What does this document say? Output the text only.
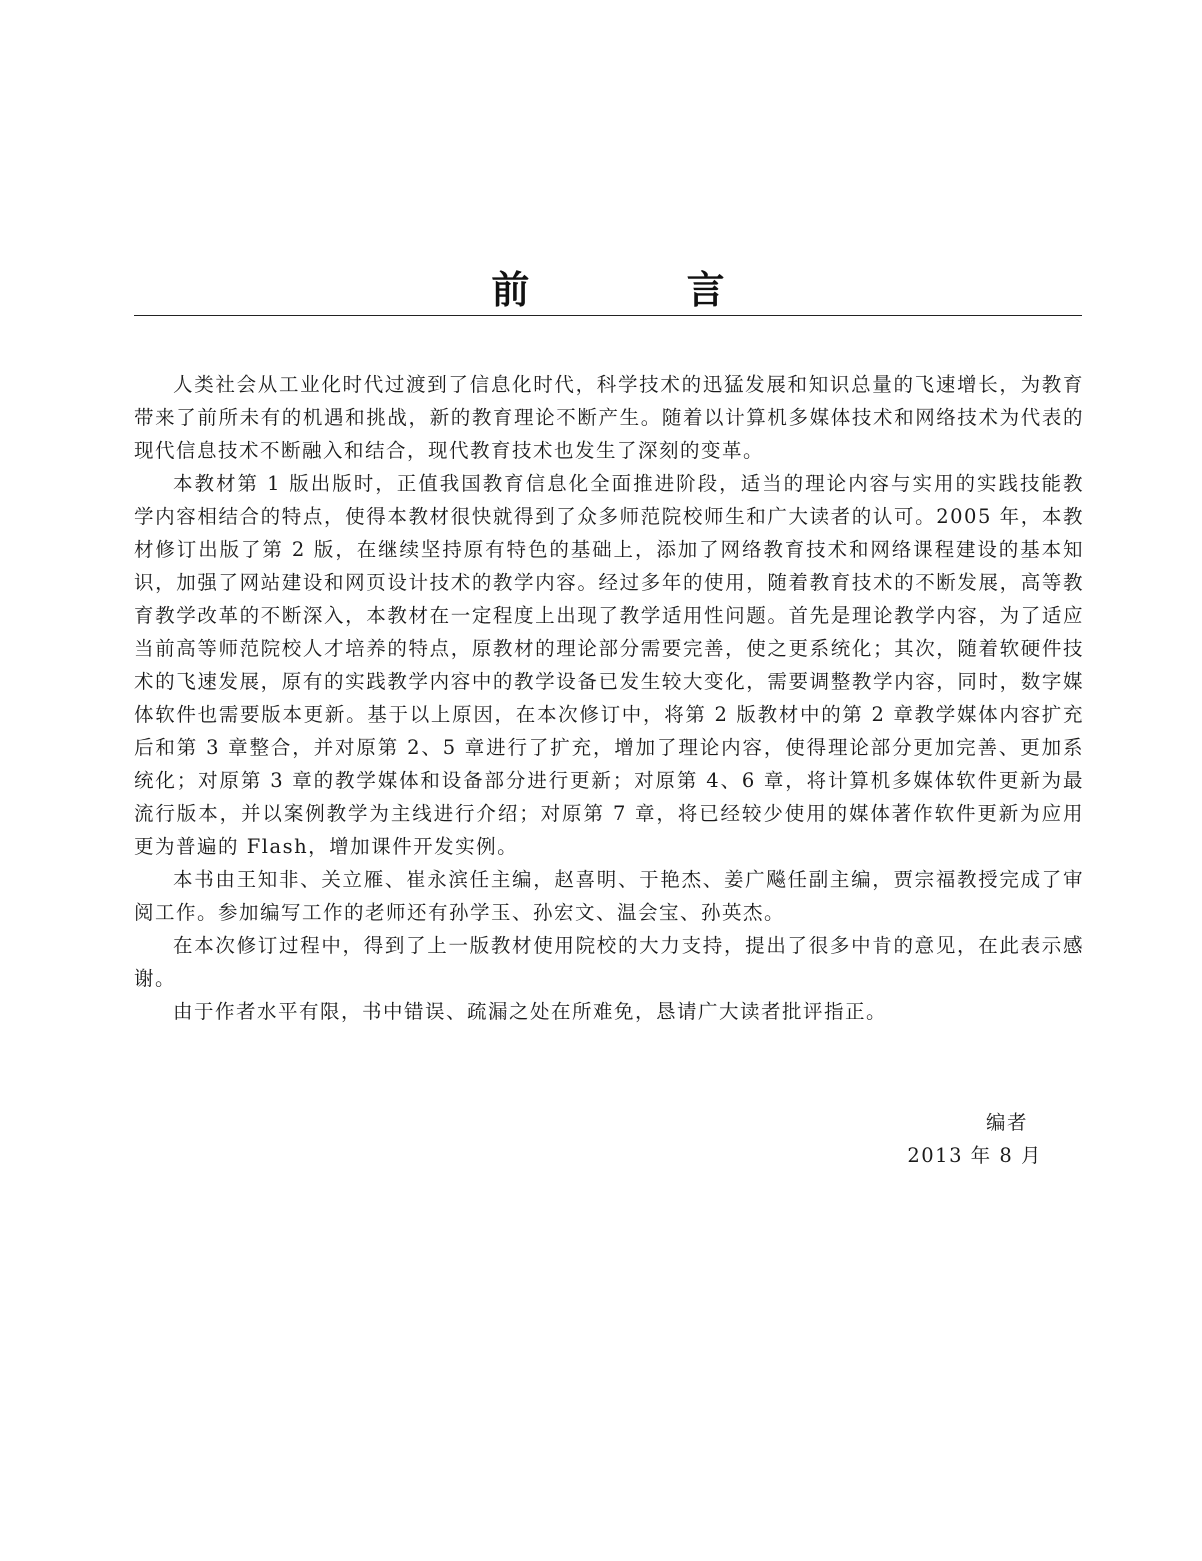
前 言

人类社会从工业化时代过渡到了信息化时代，科学技术的迅猛发展和知识总量的飞速增长，为教育带来了前所未有的机遇和挑战，新的教育理论不断产生。随着以计算机多媒体技术和网络技术为代表的现代信息技术不断融入和结合，现代教育技术也发生了深刻的变革。

本教材第 1 版出版时，正值我国教育信息化全面推进阶段，适当的理论内容与实用的实践技能教学内容相结合的特点，使得本教材很快就得到了众多师范院校师生和广大读者的认可。2005 年，本教材修订出版了第 2 版，在继续坚持原有特色的基础上，添加了网络教育技术和网络课程建设的基本知识，加强了网站建设和网页设计技术的教学内容。经过多年的使用，随着教育技术的不断发展，高等教育教学改革的不断深入，本教材在一定程度上出现了教学适用性问题。首先是理论教学内容，为了适应当前高等师范院校人才培养的特点，原教材的理论部分需要完善，使之更系统化；其次，随着软硬件技术的飞速发展，原有的实践教学内容中的教学设备已发生较大变化，需要调整教学内容，同时，数字媒体软件也需要版本更新。基于以上原因，在本次修订中，将第 2 版教材中的第 2 章教学媒体内容扩充后和第 3 章整合，并对原第 2、5 章进行了扩充，增加了理论内容，使得理论部分更加完善、更加系统化；对原第 3 章的教学媒体和设备部分进行更新；对原第 4、6 章，将计算机多媒体软件更新为最流行版本，并以案例教学为主线进行介绍；对原第 7 章，将已经较少使用的媒体著作软件更新为应用更为普遍的 Flash，增加课件开发实例。

本书由王知非、关立雁、崔永滨任主编，赵喜明、于艳杰、姜广飚任副主编，贾宗福教授完成了审阅工作。参加编写工作的老师还有孙学玉、孙宏文、温会宝、孙英杰。

在本次修订过程中，得到了上一版教材使用院校的大力支持，提出了很多中肯的意见，在此表示感谢。

由于作者水平有限，书中错误、疏漏之处在所难免，恳请广大读者批评指正。

编者
2013 年 8 月
